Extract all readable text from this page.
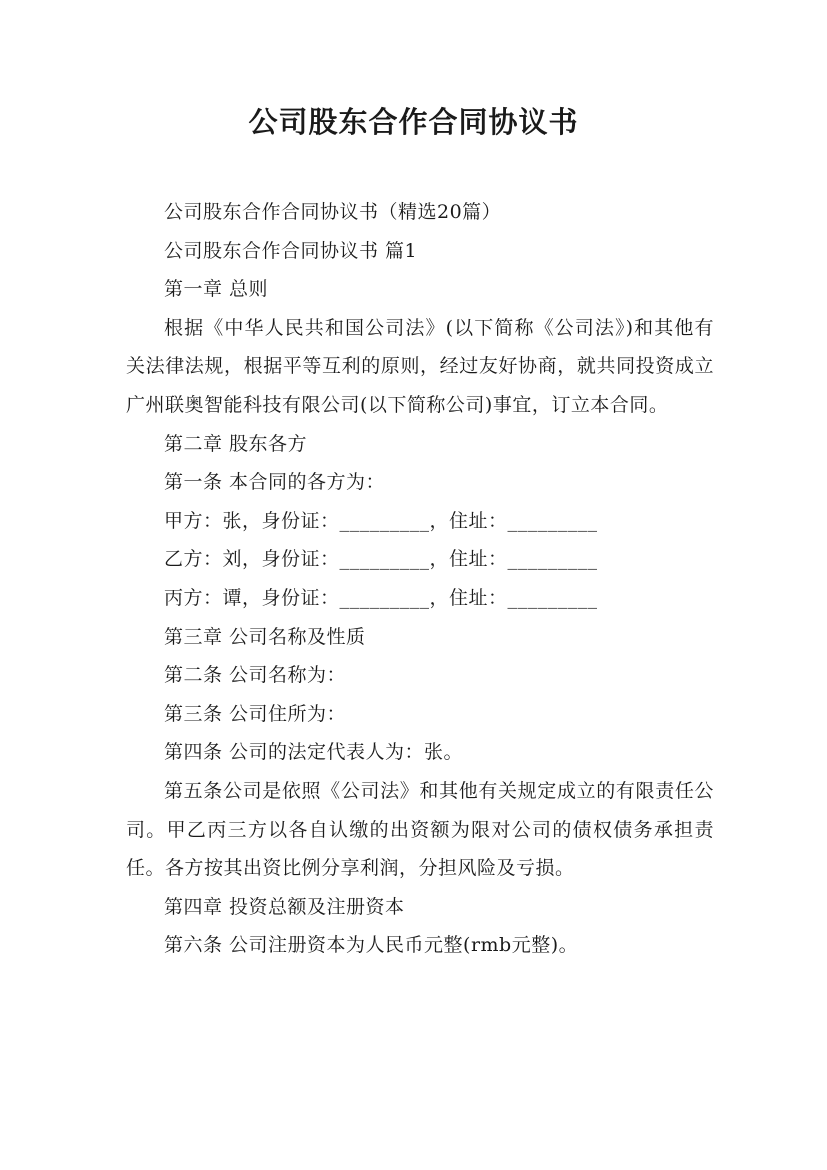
公司股东合作合同协议书

公司股东合作合同协议书（精选20篇）

公司股东合作合同协议书 篇1

第一章 总则

根据《中华人民共和国公司法》(以下简称《公司法》)和其他有关法律法规，根据平等互利的原则，经过友好协商，就共同投资成立广州联奥智能科技有限公司(以下简称公司)事宜，订立本合同。

第二章 股东各方

第一条 本合同的各方为：

甲方：张，身份证：_________，住址：_________

乙方：刘，身份证：_________，住址：_________

丙方：谭，身份证：_________，住址：_________

第三章 公司名称及性质

第二条 公司名称为：

第三条 公司住所为：

第四条 公司的法定代表人为：张。

第五条公司是依照《公司法》和其他有关规定成立的有限责任公司。甲乙丙三方以各自认缴的出资额为限对公司的债权债务承担责任。各方按其出资比例分享利润，分担风险及亏损。

第四章 投资总额及注册资本

第六条 公司注册资本为人民币元整(rmb元整)。
